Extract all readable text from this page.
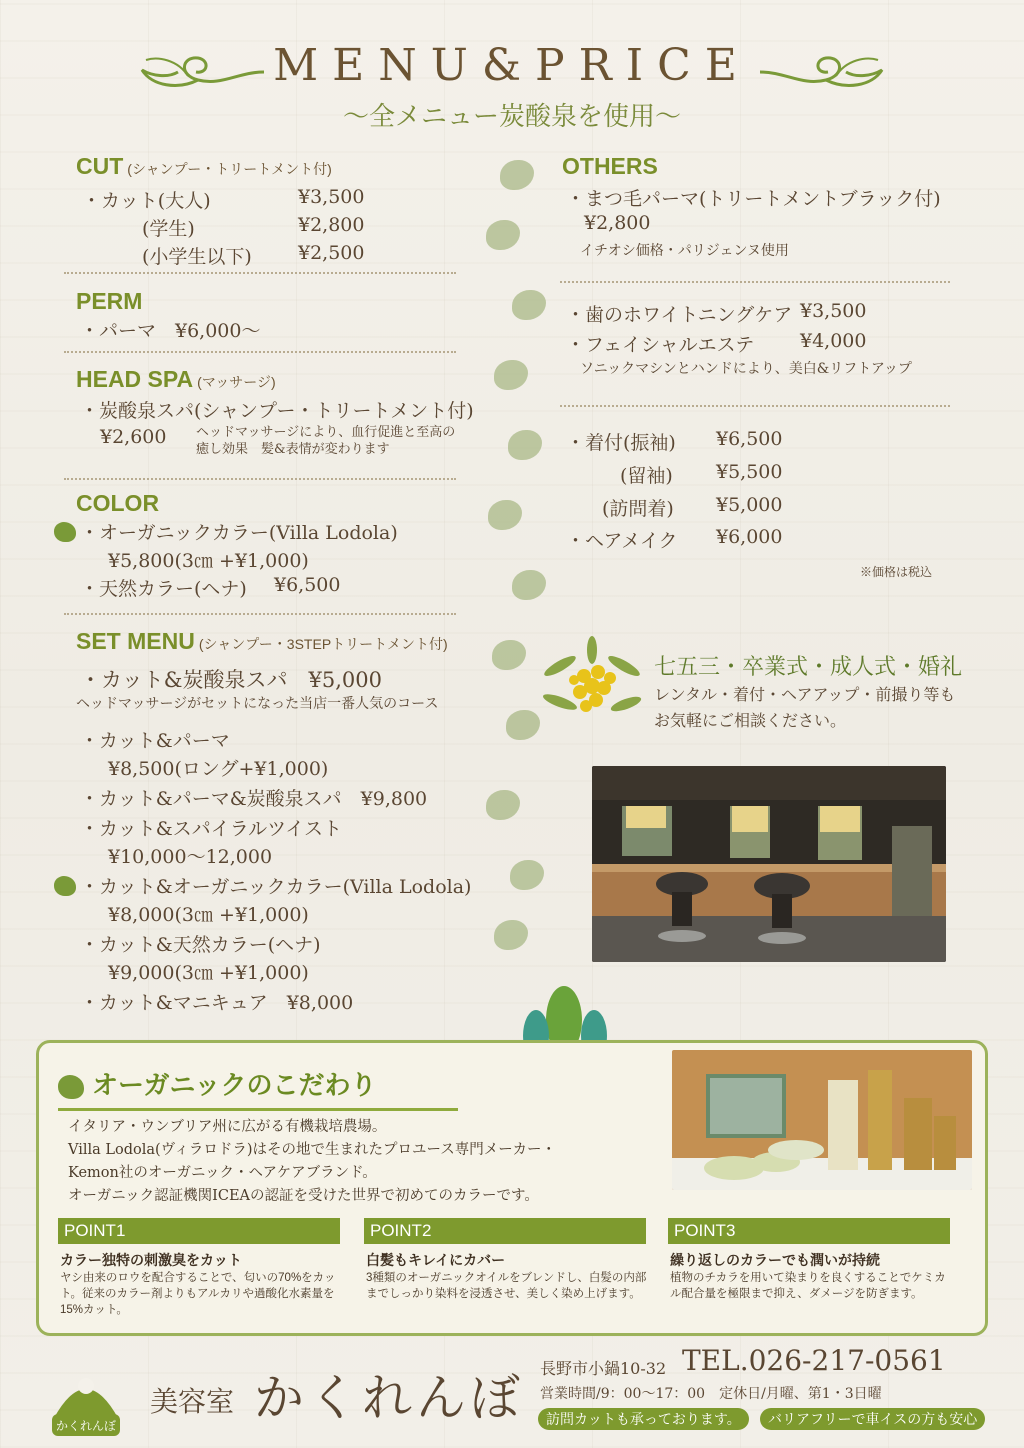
MENU&PRICE
〜全メニュー炭酸泉を使用〜
CUT (シャンプー・トリートメント付)
・カット(大人)	¥3,500
(学生)	¥2,800
(小学生以下) ¥2,500
PERM
・パーマ　¥6,000〜
HEAD SPA (マッサージ)
・炭酸泉スパ(シャンプー・トリートメント付)
¥2,600 ヘッドマッサージにより、血行促進と至高の
癒し効果　髪&表情が変わります
COLOR
・オーガニックカラー(Villa Lodola)
¥5,800(3㎝ +¥1,000)
・天然カラー(ヘナ) ¥6,500
SET MENU (シャンプー・3STEPトリートメント付)
・カット&炭酸泉スパ　¥5,000
ヘッドマッサージがセットになった当店一番人気のコース
・カット&パーマ
¥8,500(ロング+¥1,000)
・カット&パーマ&炭酸泉スパ　¥9,800
・カット&スパイラルツイスト
¥10,000〜12,000
・カット&オーガニックカラー(Villa Lodola)
¥8,000(3㎝ +¥1,000)
・カット&天然カラー(ヘナ)
¥9,000(3㎝ +¥1,000)
・カット&マニキュア　¥8,000
OTHERS
・まつ毛パーマ(トリートメントブラック付)
¥2,800
イチオシ価格・パリジェンヌ使用
・歯のホワイトニングケア ¥3,500
・フェイシャルエステ ¥4,000
ソニックマシンとハンドにより、美白&リフトアップ
・着付(振袖) ¥6,500
(留袖) ¥5,500
(訪問着) ¥5,000
・ヘアメイク ¥6,000
※価格は税込
七五三・卒業式・成人式・婚礼
レンタル・着付・ヘアアップ・前撮り等も
お気軽にご相談ください。
オーガニックのこだわり
イタリア・ウンブリア州に広がる有機栽培農場。
Villa Lodola(ヴィラロドラ)はその地で生まれたプロユース専門メーカー・
Kemon社のオーガニック・ヘアケアブランド。
オーガニック認証機関ICEAの認証を受けた世界で初めてのカラーです。
POINT1
カラー独特の刺激臭をカット
ヤシ由来のロウを配合することで、匂いの70%をカッ
ト。従来のカラー剤よりもアルカリや過酸化水素量を
15%カット。
POINT2
白髪もキレイにカバー
3種類のオーガニックオイルをブレンドし、白髪の内部
までしっかり染料を浸透させ、美しく染め上げます。
POINT3
繰り返しのカラーでも潤いが持続
植物のチカラを用いて染まりを良くすることでケミカ
ル配合量を極限まで抑え、ダメージを防ぎます。
かくれんぼ
美容室 かくれんぼ
長野市小鍋10-32 TEL.026-217-0561
営業時間/9：00〜17：00　定休日/月曜、第1・3日曜
訪問カットも承っております。	バリアフリーで車イスの方も安心
